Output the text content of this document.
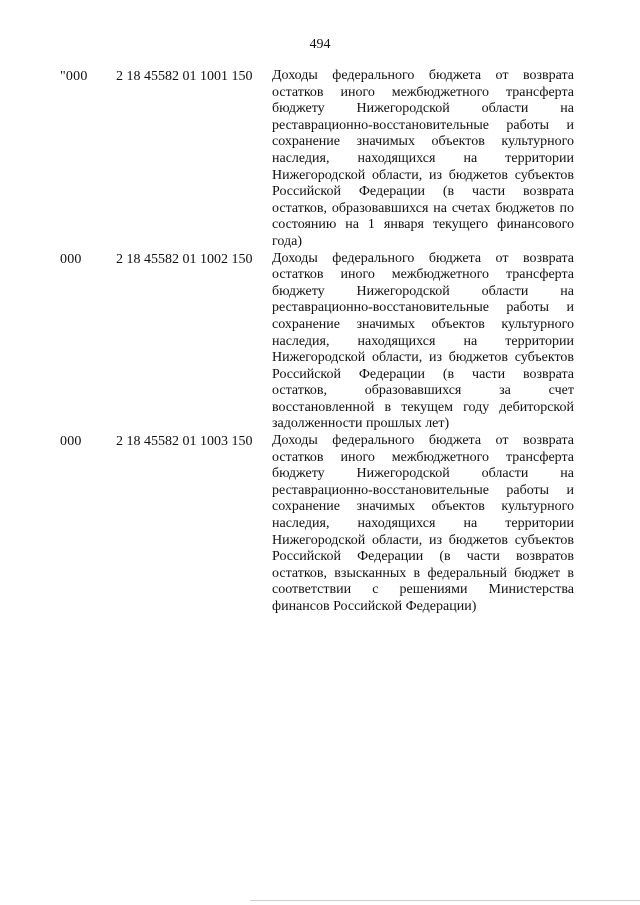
494
"000	2 18 45582 01 1001 150	Доходы федерального бюджета от возврата остатков иного межбюджетного трансферта бюджету Нижегородской области на реставрационно-восстановительные работы и сохранение значимых объектов культурного наследия, находящихся на территории Нижегородской области, из бюджетов субъектов Российской Федерации (в части возврата остатков, образовавшихся на счетах бюджетов по состоянию на 1 января текущего финансового года)
000	2 18 45582 01 1002 150	Доходы федерального бюджета от возврата остатков иного межбюджетного трансферта бюджету Нижегородской области на реставрационно-восстановительные работы и сохранение значимых объектов культурного наследия, находящихся на территории Нижегородской области, из бюджетов субъектов Российской Федерации (в части возврата остатков, образовавшихся за счет восстановленной в текущем году дебиторской задолженности прошлых лет)
000	2 18 45582 01 1003 150	Доходы федерального бюджета от возврата остатков иного межбюджетного трансферта бюджету Нижегородской области на реставрационно-восстановительные работы и сохранение значимых объектов культурного наследия, находящихся на территории Нижегородской области, из бюджетов субъектов Российской Федерации (в части возвратов остатков, взысканных в федеральный бюджет в соответствии с решениями Министерства финансов Российской Федерации)
